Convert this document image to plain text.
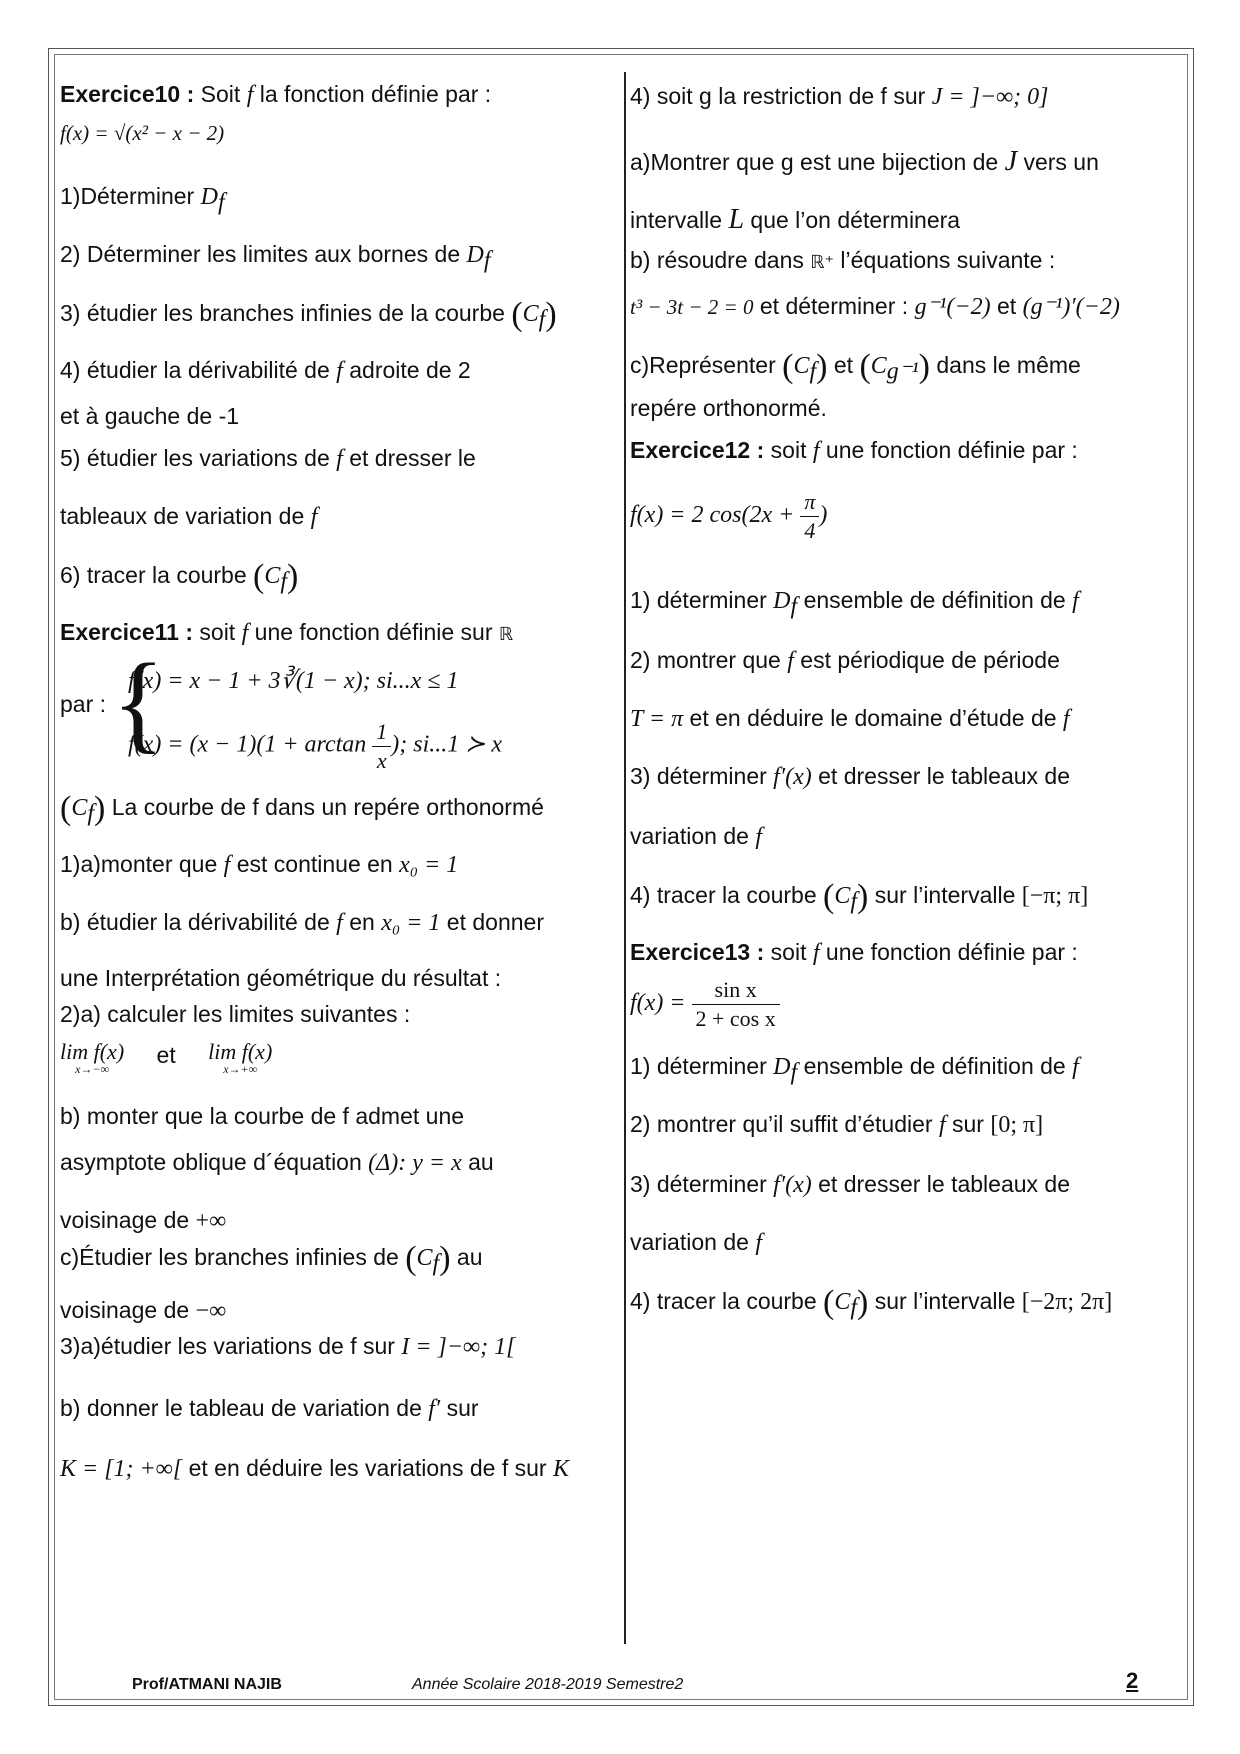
Exercice10 : Soit f la fonction définie par :
f(x) = √(x² − x − 2)
1)Déterminer $D_f$
2) Déterminer les limites aux bornes de $D_f$
3) étudier les branches infinies de la courbe $(C_f)$
4) étudier la dérivabilité de f adroite de 2
et à gauche de -1
5) étudier les variations de f et dresser le
tableaux de variation de f
6) tracer la courbe $(C_f)$
Exercice11 : soit f une fonction définie sur ℝ
par : {
f(x) = x − 1 + 3∛(1 − x); si...x ≤ 1
$f(x) = (x - 1)(1 + \arctan \frac{1}{x}$ ); si...1 ≻ x
$(C_f)$ La courbe de f dans un repére orthonormé
1)a)monter que f est continue en x₀ = 1
b) étudier la dérivabilité de f en x₀ = 1 et donner
une Interprétation géométrique du résultat :
2)a) calculer les limites suivantes :
lim f(x)
x→−∞
et lim f(x)
x→+∞
b) monter que la courbe de f admet une
asymptote oblique d´équation (Δ): y = x au
voisinage de +∞
c)Étudier les branches infinies de $(C_f)$ au
voisinage de −∞
3)a)étudier les variations de f sur I = ]−∞; 1[
b) donner le tableau de variation de f′ sur
K = [1; +∞[ et en déduire les variations de f sur K
4) soit g la restriction de f sur J = ]−∞; 0]
a)Montrer que g est une bijection de J vers un
intervalle L que l’on déterminera
b) résoudre dans ℝ⁺ l’équations suivante :
t³ − 3t − 2 = 0 et déterminer : g⁻¹(−2) et (g⁻¹)′(−2)
c)Représenter $(C_f)$ et $(C_{g^{-1}})$ dans le même
repére orthonormé.
Exercice12 : soit f une fonction définie par :
f(x) = 2 $\cos(2x + \frac{\pi}{4}$ )
1) déterminer $D_f$ ensemble de définition de f
2) montrer que f est périodique de période
T = π et en déduire le domaine d’étude de f
3) déterminer f′(x) et dresser le tableaux de
variation de f
4) tracer la courbe $(C_f)$ sur l’intervalle [−π; π]
Exercice13 : soit f une fonction définie par :
$f(x) = \frac{\text{sin x}}{\text{2 + cos x}}$
1) déterminer $D_f$ ensemble de définition de f
2) montrer qu’il suffit d’étudier f sur [0; π]
3) déterminer f′(x) et dresser le tableaux de
variation de f
4) tracer la courbe $(C_f)$ sur l’intervalle [−2π; 2π]
Prof/ATMANI NAJIB	Année Scolaire 2018-2019 Semestre2	2
